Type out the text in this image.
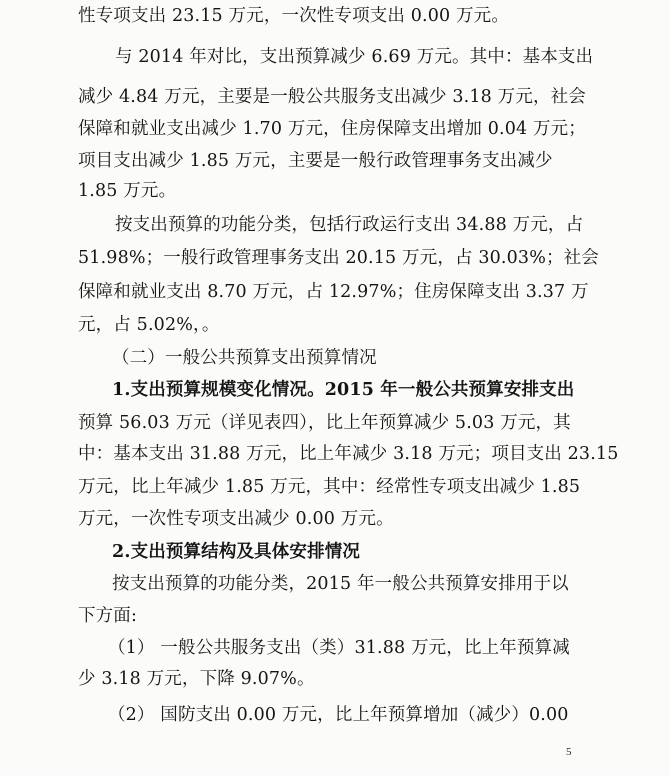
性专项支出 23.15 万元，一次性专项支出 0.00 万元。
与 2014 年对比，支出预算减少 6.69 万元。其中：基本支出
减少 4.84 万元，主要是一般公共服务支出减少 3.18 万元，社会
保障和就业支出减少 1.70 万元，住房保障支出增加 0.04 万元；
项目支出减少 1.85 万元，主要是一般行政管理事务支出减少
1.85 万元。
按支出预算的功能分类，包括行政运行支出 34.88 万元，占
51.98%；一般行政管理事务支出 20.15 万元，占 30.03%；社会
保障和就业支出 8.70 万元，占 12.97%；住房保障支出 3.37 万
元，占 5.02%，。
（二）一般公共预算支出预算情况
1.支出预算规模变化情况。2015 年一般公共预算安排支出
预算 56.03 万元（详见表四），比上年预算减少 5.03 万元，其
中：基本支出 31.88 万元，比上年减少 3.18 万元；项目支出 23.15
万元，比上年减少 1.85 万元，其中：经常性专项支出减少 1.85
万元，一次性专项支出减少 0.00 万元。
2.支出预算结构及具体安排情况
按支出预算的功能分类，2015 年一般公共预算安排用于以
下方面:
（1） 一般公共服务支出（类）31.88 万元，比上年预算减
少 3.18 万元，下降 9.07%。
（2） 国防支出 0.00 万元，比上年预算增加（减少）0.00
5
